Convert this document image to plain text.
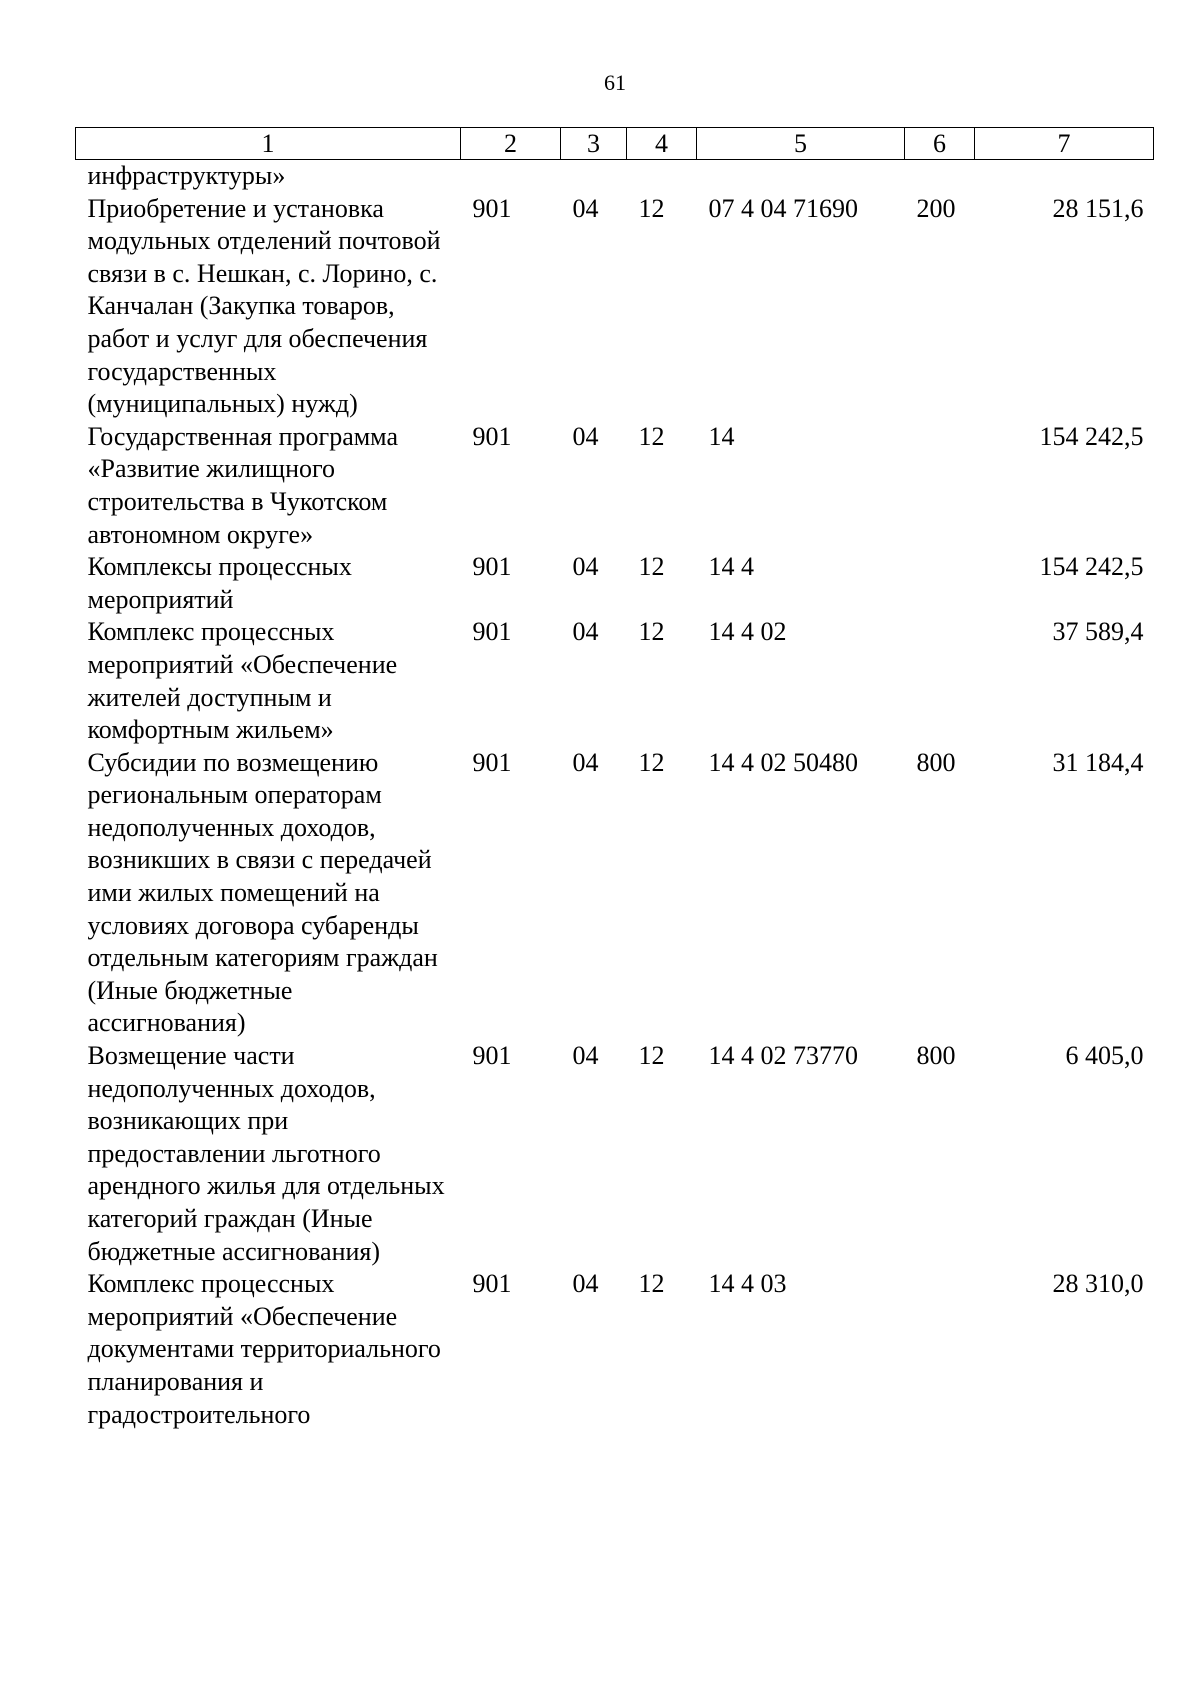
61
1	2	3	4	5	6	7
инфраструктуры»						
Приобретение и установка модульных отделений почтовой связи в с. Нешкан, с. Лорино, с. Канчалан (Закупка товаров, работ и услуг для обеспечения государственных (муниципальных) нужд)	901	04	12	07 4 04 71690	200	28 151,6
Государственная программа «Развитие жилищного строительства в Чукотском автономном округе»	901	04	12	14		154 242,5
Комплексы процессных мероприятий	901	04	12	14 4		154 242,5
Комплекс процессных мероприятий «Обеспечение жителей доступным и комфортным жильем»	901	04	12	14 4 02		37 589,4
Субсидии по возмещению региональным операторам недополученных доходов, возникших в связи с передачей ими жилых помещений на условиях договора субаренды отдельным категориям граждан (Иные бюджетные ассигнования)	901	04	12	14 4 02 50480	800	31 184,4
Возмещение части недополученных доходов, возникающих при предоставлении льготного арендного жилья для отдельных категорий граждан (Иные бюджетные ассигнования)	901	04	12	14 4 02 73770	800	6 405,0
Комплекс процессных мероприятий «Обеспечение документами территориального планирования и градостроительного	901	04	12	14 4 03		28 310,0
